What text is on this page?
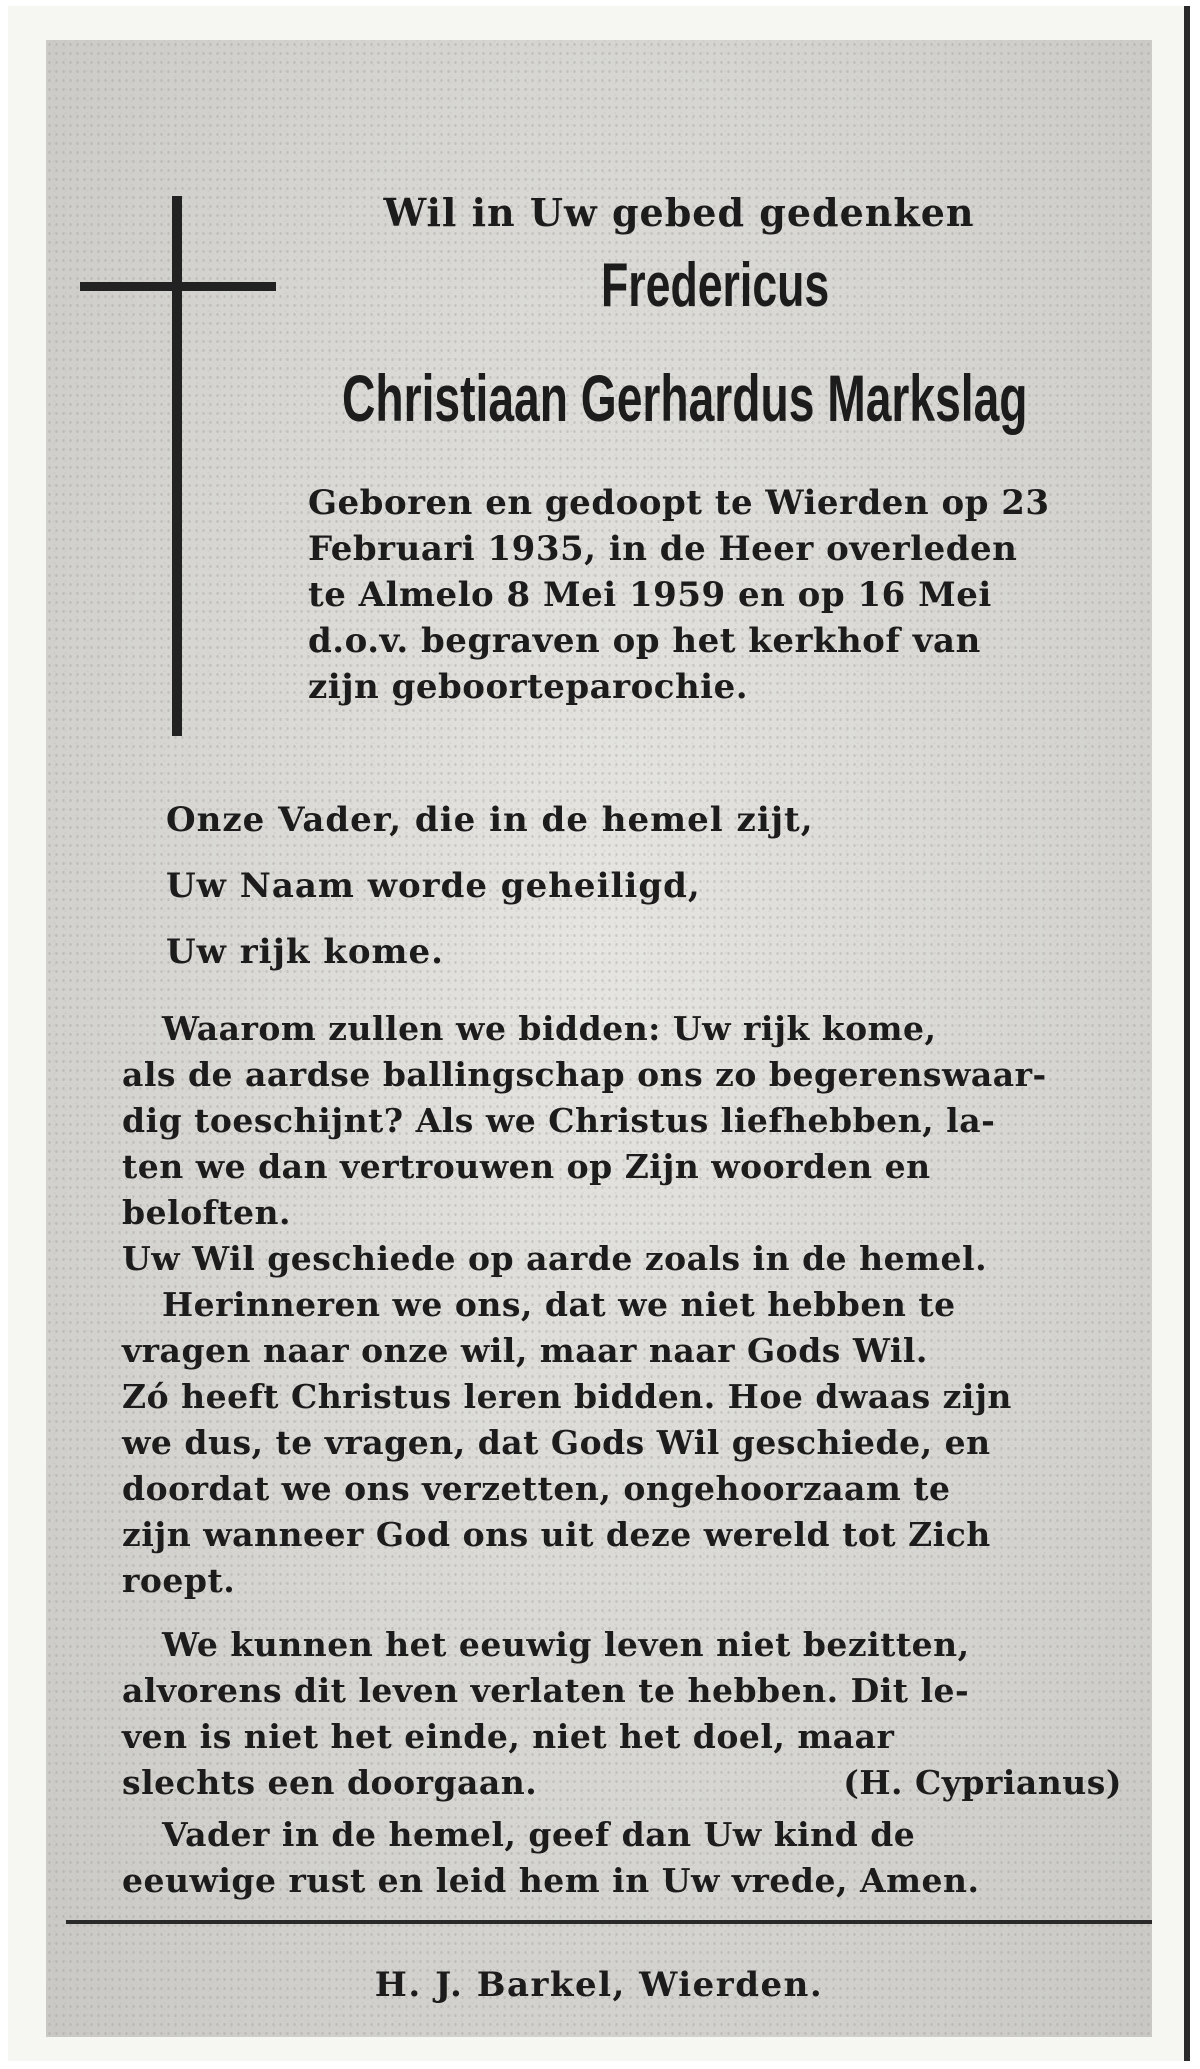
Wil in Uw gebed gedenken
Fredericus
Christiaan Gerhardus Markslag
Geboren en gedoopt te Wierden op 23
Februari 1935, in de Heer overleden
te Almelo 8 Mei 1959 en op 16 Mei
d.o.v. begraven op het kerkhof van
zijn geboorteparochie.
Onze Vader, die in de hemel zijt,
Uw Naam worde geheiligd,
Uw rijk kome.
Waarom zullen we bidden: Uw rijk kome,
als de aardse ballingschap ons zo begerenswaar-
dig toeschijnt? Als we Christus liefhebben, la-
ten we dan vertrouwen op Zijn woorden en
beloften.
Uw Wil geschiede op aarde zoals in de hemel.
Herinneren we ons, dat we niet hebben te
vragen naar onze wil, maar naar Gods Wil.
Zó heeft Christus leren bidden. Hoe dwaas zijn
we dus, te vragen, dat Gods Wil geschiede, en
doordat we ons verzetten, ongehoorzaam te
zijn wanneer God ons uit deze wereld tot Zich
roept.
We kunnen het eeuwig leven niet bezitten,
alvorens dit leven verlaten te hebben. Dit le-
ven is niet het einde, niet het doel, maar
slechts een doorgaan.	(H. Cyprianus)
Vader in de hemel, geef dan Uw kind de
eeuwige rust en leid hem in Uw vrede, Amen.
H. J. Barkel, Wierden.
